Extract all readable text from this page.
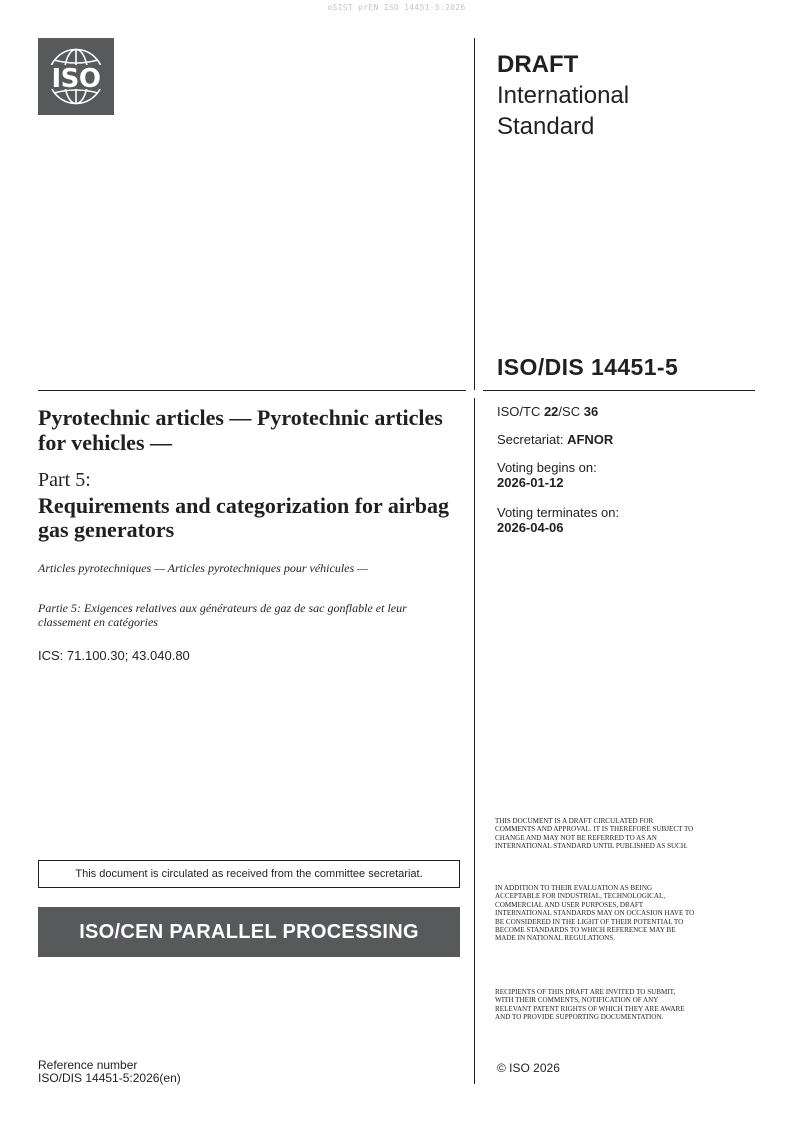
oSIST prEN ISO 14451-5:2026
ISO	DRAFT
International
Standard
ISO/DIS 14451-5
ISO/TC 22/SC 36
Secretariat: AFNOR
Voting begins on:
2026-01-12
Voting terminates on:
2026-04-06
Pyrotechnic articles — Pyrotechnic articles for vehicles —
Part 5:
Requirements and categorization for airbag gas generators
Articles pyrotechniques — Articles pyrotechniques pour véhicules —
Partie 5: Exigences relatives aux générateurs de gaz de sac gonflable et leur classement en catégories
ICS: 71.100.30; 43.040.80
THIS DOCUMENT IS A DRAFT CIRCULATED FOR COMMENTS AND APPROVAL. IT IS THEREFORE SUBJECT TO CHANGE AND MAY NOT BE REFERRED TO AS AN INTERNATIONAL STANDARD UNTIL PUBLISHED AS SUCH.
IN ADDITION TO THEIR EVALUATION AS BEING ACCEPTABLE FOR INDUSTRIAL, TECHNOLOGICAL, COMMERCIAL AND USER PURPOSES, DRAFT INTERNATIONAL STANDARDS MAY ON OCCASION HAVE TO BE CONSIDERED IN THE LIGHT OF THEIR POTENTIAL TO BECOME STANDARDS TO WHICH REFERENCE MAY BE MADE IN NATIONAL REGULATIONS.
RECIPIENTS OF THIS DRAFT ARE INVITED TO SUBMIT, WITH THEIR COMMENTS, NOTIFICATION OF ANY RELEVANT PATENT RIGHTS OF WHICH THEY ARE AWARE AND TO PROVIDE SUPPORTING DOCUMENTATION.
This document is circulated as received from the committee secretariat.
ISO/CEN PARALLEL PROCESSING
Reference number
ISO/DIS 14451-5:2026(en)
© ISO 2026
